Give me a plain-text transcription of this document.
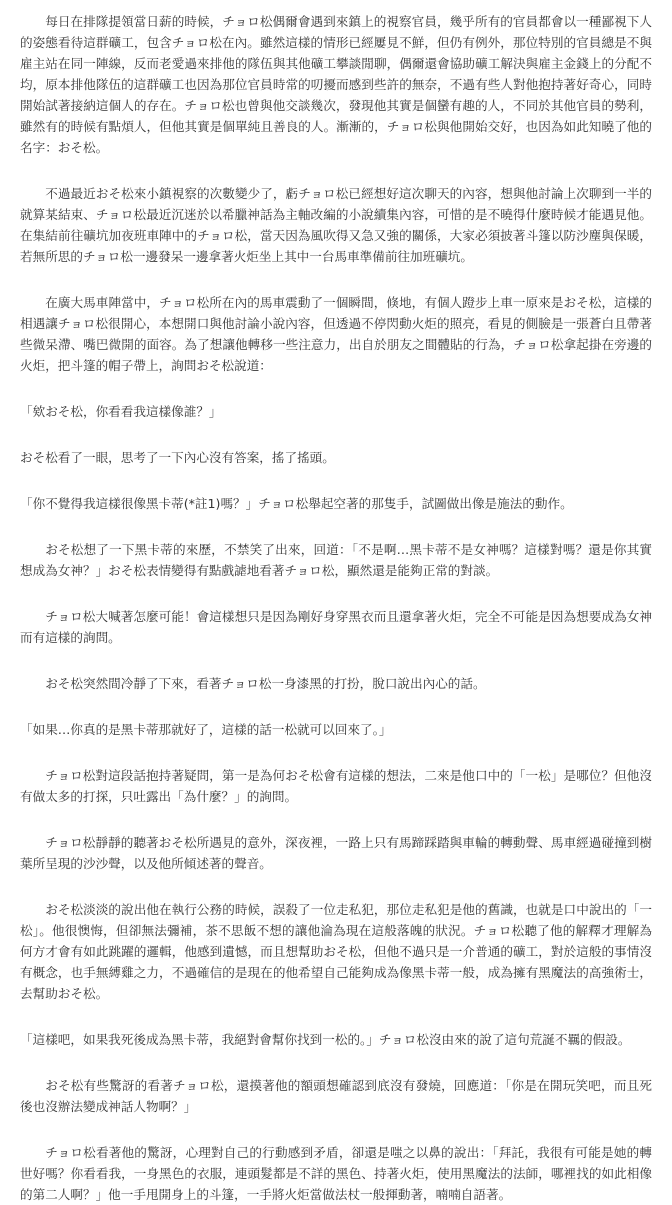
每日在排隊提領當日薪的時候，チョロ松偶爾會遇到來鎮上的視察官員，幾乎所有的官員都會以一種鄙視下人的姿態看待這群礦工，包含チョロ松在內。雖然這樣的情形已經屢見不鮮，但仍有例外，那位特別的官員總是不與雇主站在同一陣線，反而老愛過來排他的隊伍與其他礦工攀談閒聊，偶爾還會協助礦工解決與雇主金錢上的分配不均，原本排他隊伍的這群礦工也因為那位官員時常的叨擾而感到些許的無奈，不過有些人對他抱持著好奇心，同時開始試著接納這個人的存在。チョロ松也曾與他交談幾次，發現他其實是個蠻有趣的人，不同於其他官員的勢利，雖然有的時候有點煩人，但他其實是個單純且善良的人。漸漸的，チョロ松與他開始交好，也因為如此知曉了他的名字：おそ松。

不過最近おそ松來小鎮視察的次數變少了，虧チョロ松已經想好這次聊天的內容，想與他討論上次聊到一半的就算某結束、チョロ松最近沉迷於以希臘神話為主軸改編的小說續集內容，可惜的是不曉得什麼時候才能遇見他。在集結前往礦坑加夜班車陣中的チョロ松，當天因為風吹得又急又強的關係，大家必須披著斗篷以防沙塵與保暖，若無所思的チョロ松一邊發呆一邊拿著火炬坐上其中一台馬車準備前往加班礦坑。

在廣大馬車陣當中，チョロ松所在內的馬車震動了一個瞬間，倏地，有個人蹬步上車一原來是おそ松，這樣的相遇讓チョロ松很開心，本想開口與他討論小說內容，但透過不停閃動火炬的照亮，看見的側臉是一張蒼白且帶著些微呆滯、嘴巴微開的面容。為了想讓他轉移一些注意力，出自於朋友之間體貼的行為，チョロ松拿起掛在旁邊的火炬，把斗篷的帽子帶上，詢問おそ松說道：

「欸おそ松，你看看我這樣像誰？」

おそ松看了一眼，思考了一下內心沒有答案，搖了搖頭。

「你不覺得我這樣很像黑卡蒂(*註1)嗎？」チョロ松舉起空著的那隻手，試圖做出像是施法的動作。

おそ松想了一下黑卡蒂的來歷，不禁笑了出來，回道：「不是啊…黑卡蒂不是女神嗎？這樣對嗎？還是你其實想成為女神？」おそ松表情變得有點戲謔地看著チョロ松，顯然還是能夠正常的對談。

チョロ松大喊著怎麼可能！會這樣想只是因為剛好身穿黑衣而且還拿著火炬，完全不可能是因為想要成為女神而有這樣的詢問。

おそ松突然間冷靜了下來，看著チョロ松一身漆黑的打扮，脫口說出內心的話。

「如果…你真的是黑卡蒂那就好了，這樣的話一松就可以回來了。」

チョロ松對這段話抱持著疑問，第一是為何おそ松會有這樣的想法，二來是他口中的「一松」是哪位？但他沒有做太多的打探，只吐露出「為什麼？」的詢問。

チョロ松靜靜的聽著おそ松所遇見的意外，深夜裡，一路上只有馬蹄踩踏與車輪的轉動聲、馬車經過碰撞到樹葉所呈現的沙沙聲，以及他所傾述著的聲音。

おそ松淡淡的說出他在執行公務的時候，誤殺了一位走私犯，那位走私犯是他的舊識，也就是口中說出的「一松」。他很懊悔，但卻無法彌補，茶不思飯不想的讓他淪為現在這般落魄的狀況。チョロ松聽了他的解釋才理解為何方才會有如此跳躍的邏輯，他感到遺憾，而且想幫助おそ松，但他不過只是一介普通的礦工，對於這般的事情沒有概念，也手無縛雞之力，不過確信的是現在的他希望自己能夠成為像黑卡蒂一般，成為擁有黑魔法的高強術士，去幫助おそ松。

「這樣吧，如果我死後成為黑卡蒂，我絕對會幫你找到一松的。」チョロ松沒由來的說了這句荒誕不羈的假設。

おそ松有些驚訝的看著チョロ松，還摸著他的額頭想確認到底沒有發燒，回應道：「你是在開玩笑吧，而且死後也沒辦法變成神話人物啊？」

チョロ松看著他的驚訝，心理對自己的行動感到矛盾，卻還是嗤之以鼻的說出：「拜託，我很有可能是她的轉世好嗎？你看看我，一身黑色的衣服，連頭髮都是不詳的黑色、持著火炬，使用黑魔法的法師，哪裡找的如此相像的第二人啊？」他一手甩開身上的斗篷，一手將火炬當做法杖一般揮動著，喃喃自語著。
